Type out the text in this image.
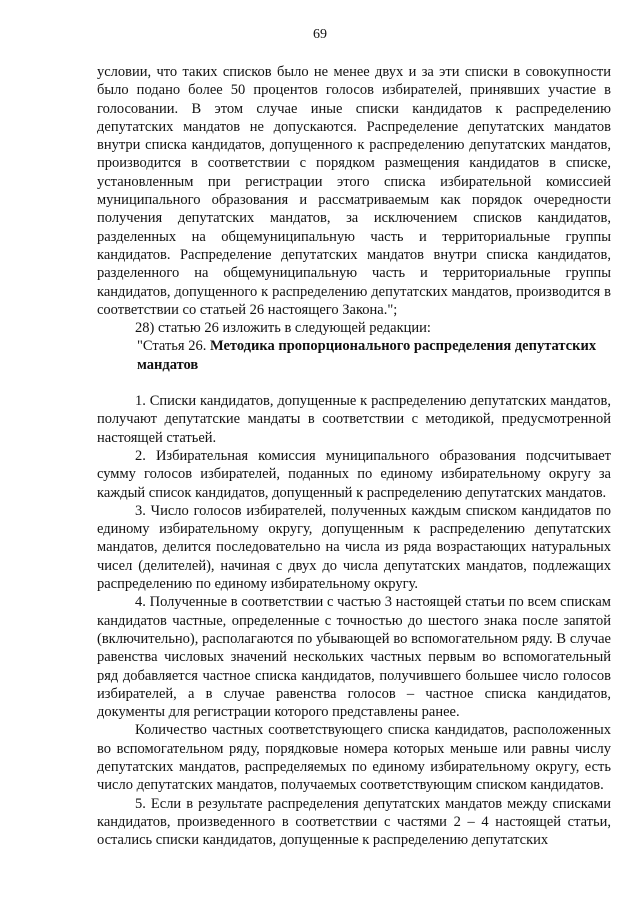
69

условии, что таких списков было не менее двух и за эти списки в совокупности было подано более 50 процентов голосов избирателей, принявших участие в голосовании. В этом случае иные списки кандидатов к распределению депутатских мандатов не допускаются. Распределение депутатских мандатов внутри списка кандидатов, допущенного к распределению депутатских мандатов, производится в соответствии с порядком размещения кандидатов в списке, установленным при регистрации этого списка избирательной комиссией муниципального образования и рассматриваемым как порядок очередности получения депутатских мандатов, за исключением списков кандидатов, разделенных на общемуниципальную часть и территориальные группы кандидатов. Распределение депутатских мандатов внутри списка кандидатов, разделенного на общемуниципальную часть и территориальные группы кандидатов, допущенного к распределению депутатских мандатов, производится в соответствии со статьей 26 настоящего Закона.";

28) статью 26 изложить в следующей редакции:

"Статья 26. Методика пропорционального распределения депутатских мандатов

1. Списки кандидатов, допущенные к распределению депутатских мандатов, получают депутатские мандаты в соответствии с методикой, предусмотренной настоящей статьей.

2. Избирательная комиссия муниципального образования подсчитывает сумму голосов избирателей, поданных по единому избирательному округу за каждый список кандидатов, допущенный к распределению депутатских мандатов.

3. Число голосов избирателей, полученных каждым списком кандидатов по единому избирательному округу, допущенным к распределению депутатских мандатов, делится последовательно на числа из ряда возрастающих натуральных чисел (делителей), начиная с двух до числа депутатских мандатов, подлежащих распределению по единому избирательному округу.

4. Полученные в соответствии с частью 3 настоящей статьи по всем спискам кандидатов частные, определенные с точностью до шестого знака после запятой (включительно), располагаются по убывающей во вспомогательном ряду. В случае равенства числовых значений нескольких частных первым во вспомогательный ряд добавляется частное списка кандидатов, получившего большее число голосов избирателей, а в случае равенства голосов – частное списка кандидатов, документы для регистрации которого представлены ранее.

Количество частных соответствующего списка кандидатов, расположенных во вспомогательном ряду, порядковые номера которых меньше или равны числу депутатских мандатов, распределяемых по единому избирательному округу, есть число депутатских мандатов, получаемых соответствующим списком кандидатов.

5. Если в результате распределения депутатских мандатов между списками кандидатов, произведенного в соответствии с частями 2 – 4 настоящей статьи, остались списки кандидатов, допущенные к распределению депутатских
